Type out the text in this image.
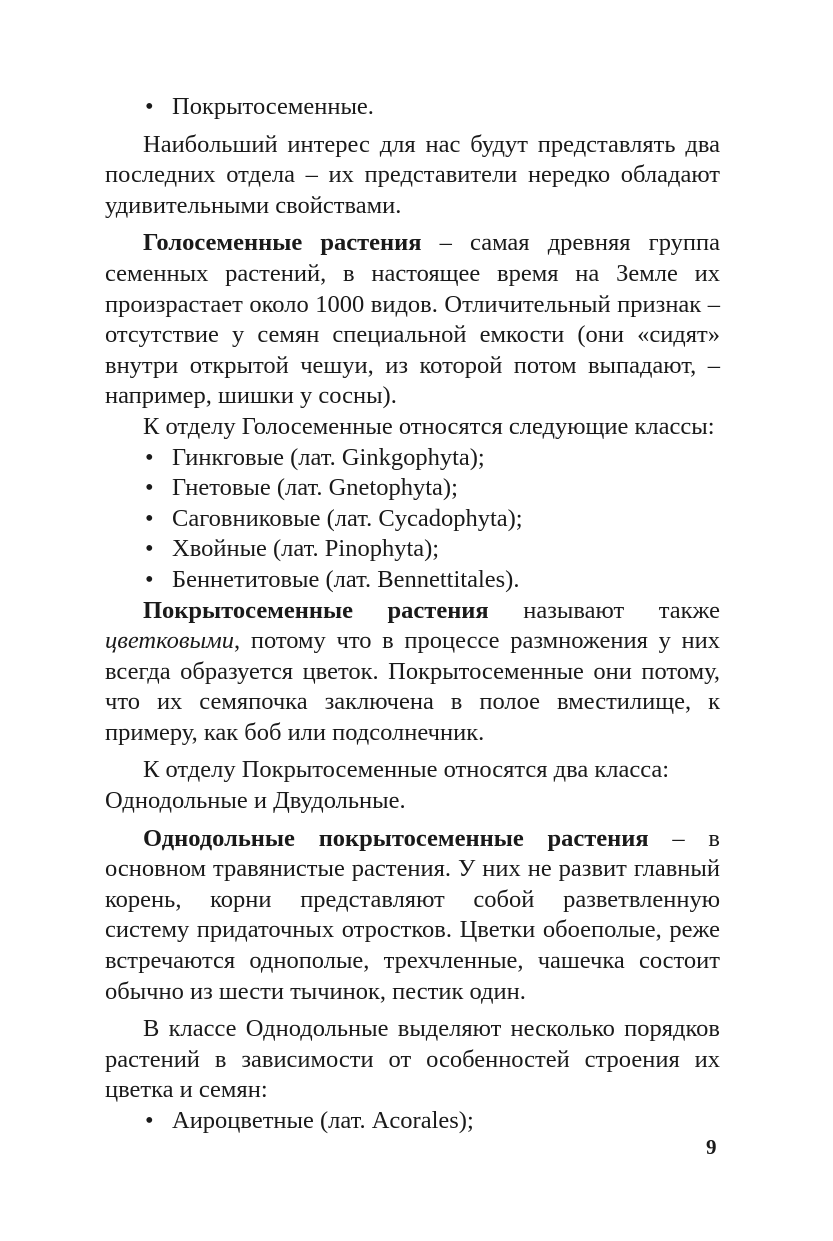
• Покрытосеменные.

Наибольший интерес для нас будут представлять два последних отдела – их представители нередко обладают удивительными свойствами.

Голосеменные растения – самая древняя группа семенных растений, в настоящее время на Земле их произрастает около 1000 видов. Отличительный признак – отсутствие у семян специальной емкости (они «сидят» внутри открытой чешуи, из которой потом выпадают, – например, шишки у сосны).

К отделу Голосеменные относятся следующие классы:

• Гинкговые (лат. Ginkgophyta);
• Гнетовые (лат. Gnetophyta);
• Саговниковые (лат. Cycadophyta);
• Хвойные (лат. Pinophyta);
• Беннетитовые (лат. Bennettitales).

Покрытосеменные растения называют также цветковыми, потому что в процессе размножения у них всегда образуется цветок. Покрытосеменные они потому, что их семяпочка заключена в полое вместилище, к примеру, как боб или подсолнечник.

К отделу Покрытосеменные относятся два класса:
Однодольные и Двудольные.

Однодольные покрытосеменные растения – в основном травянистые растения. У них не развит главный корень, корни представляют собой разветвленную систему придаточных отростков. Цветки обоеполые, реже встречаются однополые, трехчленные, чашечка состоит обычно из шести тычинок, пестик один.

В классе Однодольные выделяют несколько порядков растений в зависимости от особенностей строения их цветка и семян:

• Аироцветные (лат. Acorales);
9
